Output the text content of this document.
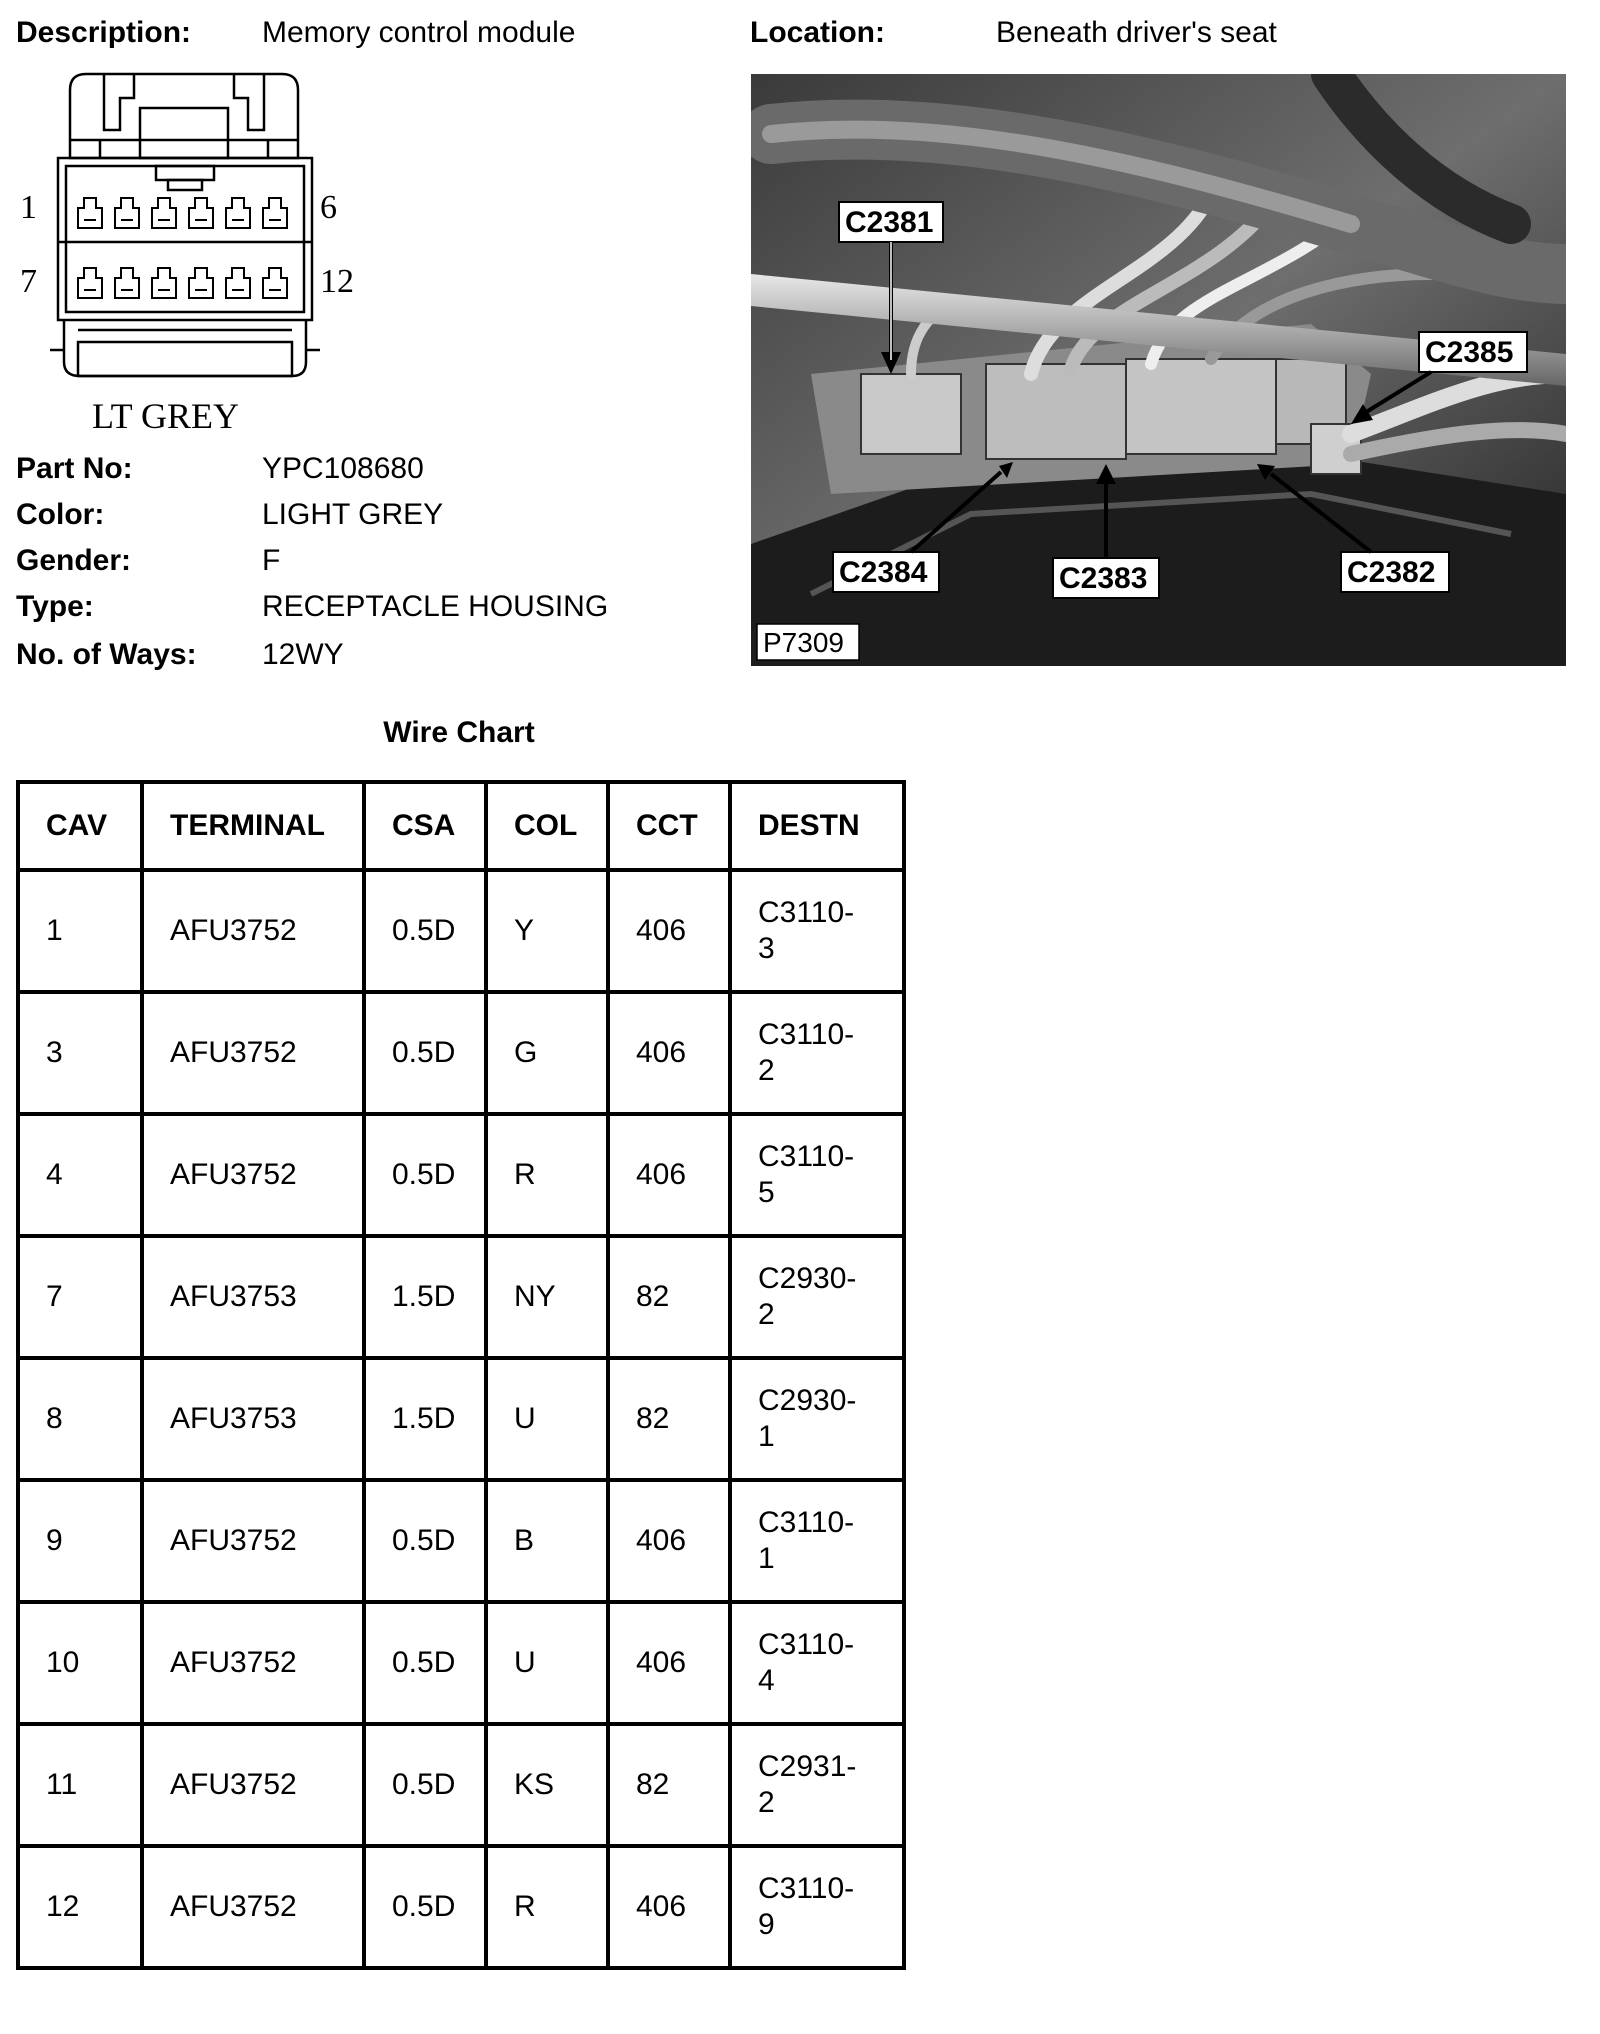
Description: Memory control module	Location:	Beneath driver's seat
1	6
7	12
LT GREY
Part No:	YPC108680
Color:	LIGHT GREY
Gender:	F
Type:	RECEPTACLE HOUSING
No. of Ways: 12WY
C2381
C2385
C2384	C2383	C2382
P7309
Wire Chart
CAV	TERMINAL	CSA	COL	CCT	DESTN
1	AFU3752	0.5D	Y	406	C3110-
3

3	AFU3752	0.5D	G	406	C3110-
2

4	AFU3752	0.5D	R	406	C3110-
5

7	AFU3753	1.5D	NY	82	C2930-
2

8	AFU3753	1.5D	U	82	C2930-
1

9	AFU3752	0.5D	B	406	C3110-
1

10	AFU3752	0.5D	U	406	C3110-
4

11	AFU3752	0.5D	KS	82	C2931-
2

12	AFU3752	0.5D	R	406	C3110-
9
